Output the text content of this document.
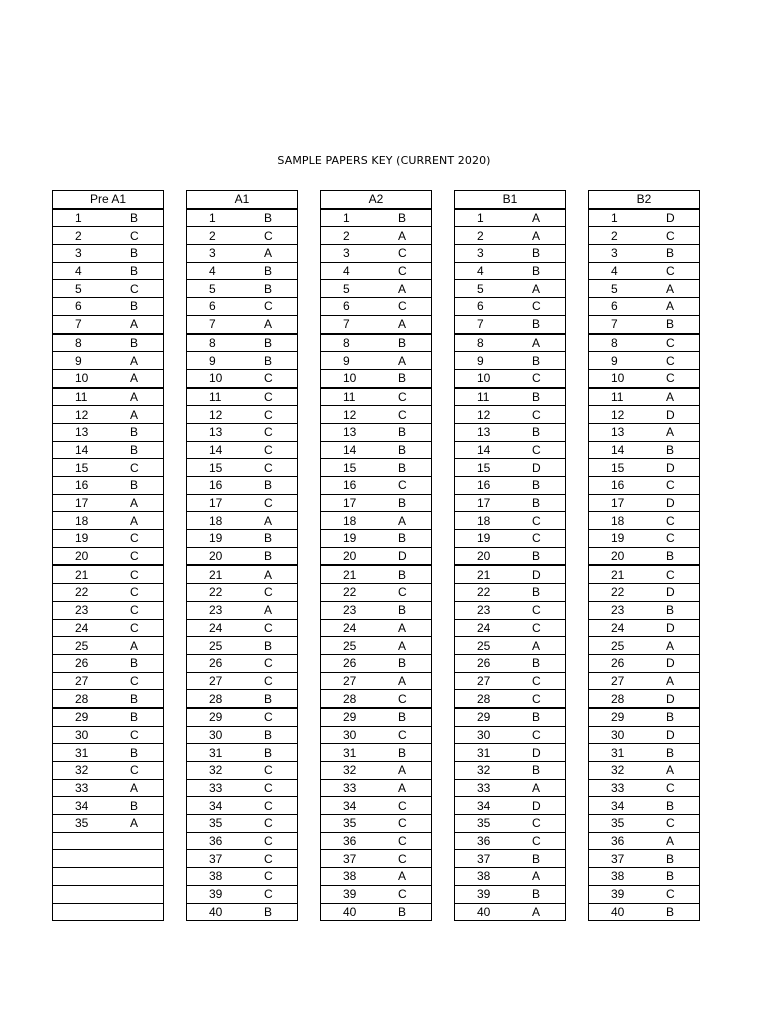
SAMPLE PAPERS KEY (CURRENT 2020)
Pre A1	
1	B
2	C
3	B
4	B
5	C
6	B
7	A
8	B
9	A
10	A
11	A
12	A
13	B
14	B
15	C
16	B
17	A
18	A
19	C
20	C
21	C
22	C
23	C
24	C
25	A
26	B
27	C
28	B
29	B
30	C
31	B
32	C
33	A
34	B
35	A

A1	
1	B
2	C
3	A
4	B
5	B
6	C
7	A
8	B
9	B
10	C
11	C
12	C
13	C
14	C
15	C
16	B
17	C
18	A
19	B
20	B
21	A
22	C
23	A
24	C
25	B
26	C
27	C
28	B
29	C
30	B
31	B
32	C
33	C
34	C
35	C
36	C
37	C
38	C
39	C
40	B
A2	
1	B
2	A
3	C
4	C
5	A
6	C
7	A
8	B
9	A
10	B
11	C
12	C
13	B
14	B
15	B
16	C
17	B
18	A
19	B
20	D
21	B
22	C
23	B
24	A
25	A
26	B
27	A
28	C
29	B
30	C
31	B
32	A
33	A
34	C
35	C
36	C
37	C
38	A
39	C
40	B
B1	
1	A
2	A
3	B
4	B
5	A
6	C
7	B
8	A
9	B
10	C
11	B
12	C
13	B
14	C
15	D
16	B
17	B
18	C
19	C
20	B
21	D
22	B
23	C
24	C
25	A
26	B
27	C
28	C
29	B
30	C
31	D
32	B
33	A
34	D
35	C
36	C
37	B
38	A
39	B
40	A
B2	
1	D
2	C
3	B
4	C
5	A
6	A
7	B
8	C
9	C
10	C
11	A
12	D
13	A
14	B
15	D
16	C
17	D
18	C
19	C
20	B
21	C
22	D
23	B
24	D
25	A
26	D
27	A
28	D
29	B
30	D
31	B
32	A
33	C
34	B
35	C
36	A
37	B
38	B
39	C
40	B
